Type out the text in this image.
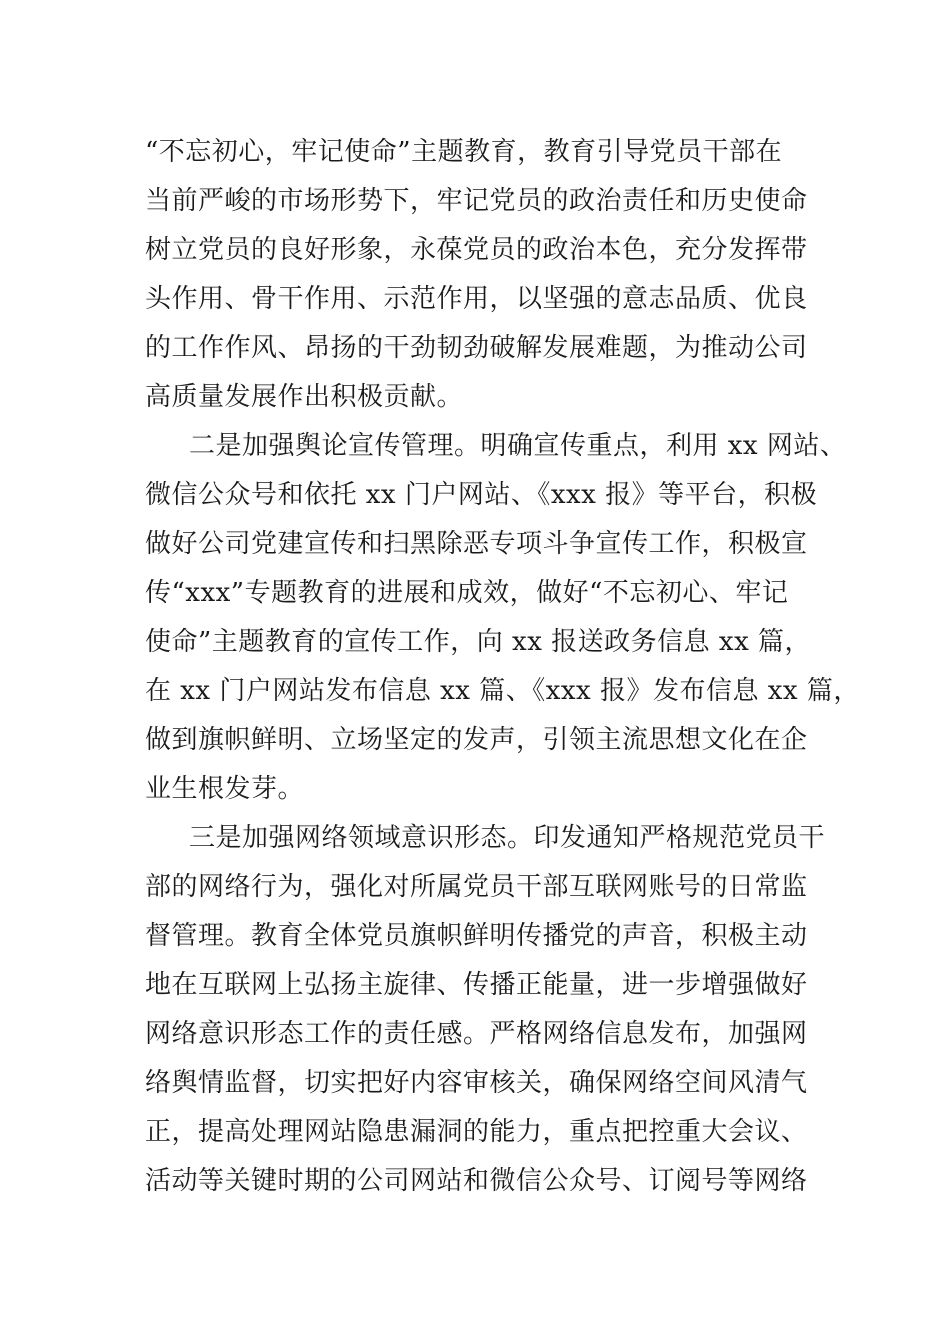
“不忘初心，牢记使命”主题教育，教育引导党员干部在
当前严峻的市场形势下，牢记党员的政治责任和历史使命
树立党员的良好形象，永葆党员的政治本色，充分发挥带
头作用、骨干作用、示范作用，以坚强的意志品质、优良
的工作作风、昂扬的干劲韧劲破解发展难题，为推动公司
高质量发展作出积极贡献。
二是加强舆论宣传管理。明确宣传重点，利用 xx 网站、
微信公众号和依托 xx 门户网站、《xxx 报》等平台，积极
做好公司党建宣传和扫黑除恶专项斗争宣传工作，积极宣
传“xxx”专题教育的进展和成效，做好“不忘初心、牢记
使命”主题教育的宣传工作，向 xx 报送政务信息 xx 篇，
在 xx 门户网站发布信息 xx 篇、《xxx 报》发布信息 xx 篇，
做到旗帜鲜明、立场坚定的发声，引领主流思想文化在企
业生根发芽。
三是加强网络领域意识形态。印发通知严格规范党员干
部的网络行为，强化对所属党员干部互联网账号的日常监
督管理。教育全体党员旗帜鲜明传播党的声音，积极主动
地在互联网上弘扬主旋律、传播正能量，进一步增强做好
网络意识形态工作的责任感。严格网络信息发布，加强网
络舆情监督，切实把好内容审核关，确保网络空间风清气
正，提高处理网站隐患漏洞的能力，重点把控重大会议、
活动等关键时期的公司网站和微信公众号、订阅号等网络
